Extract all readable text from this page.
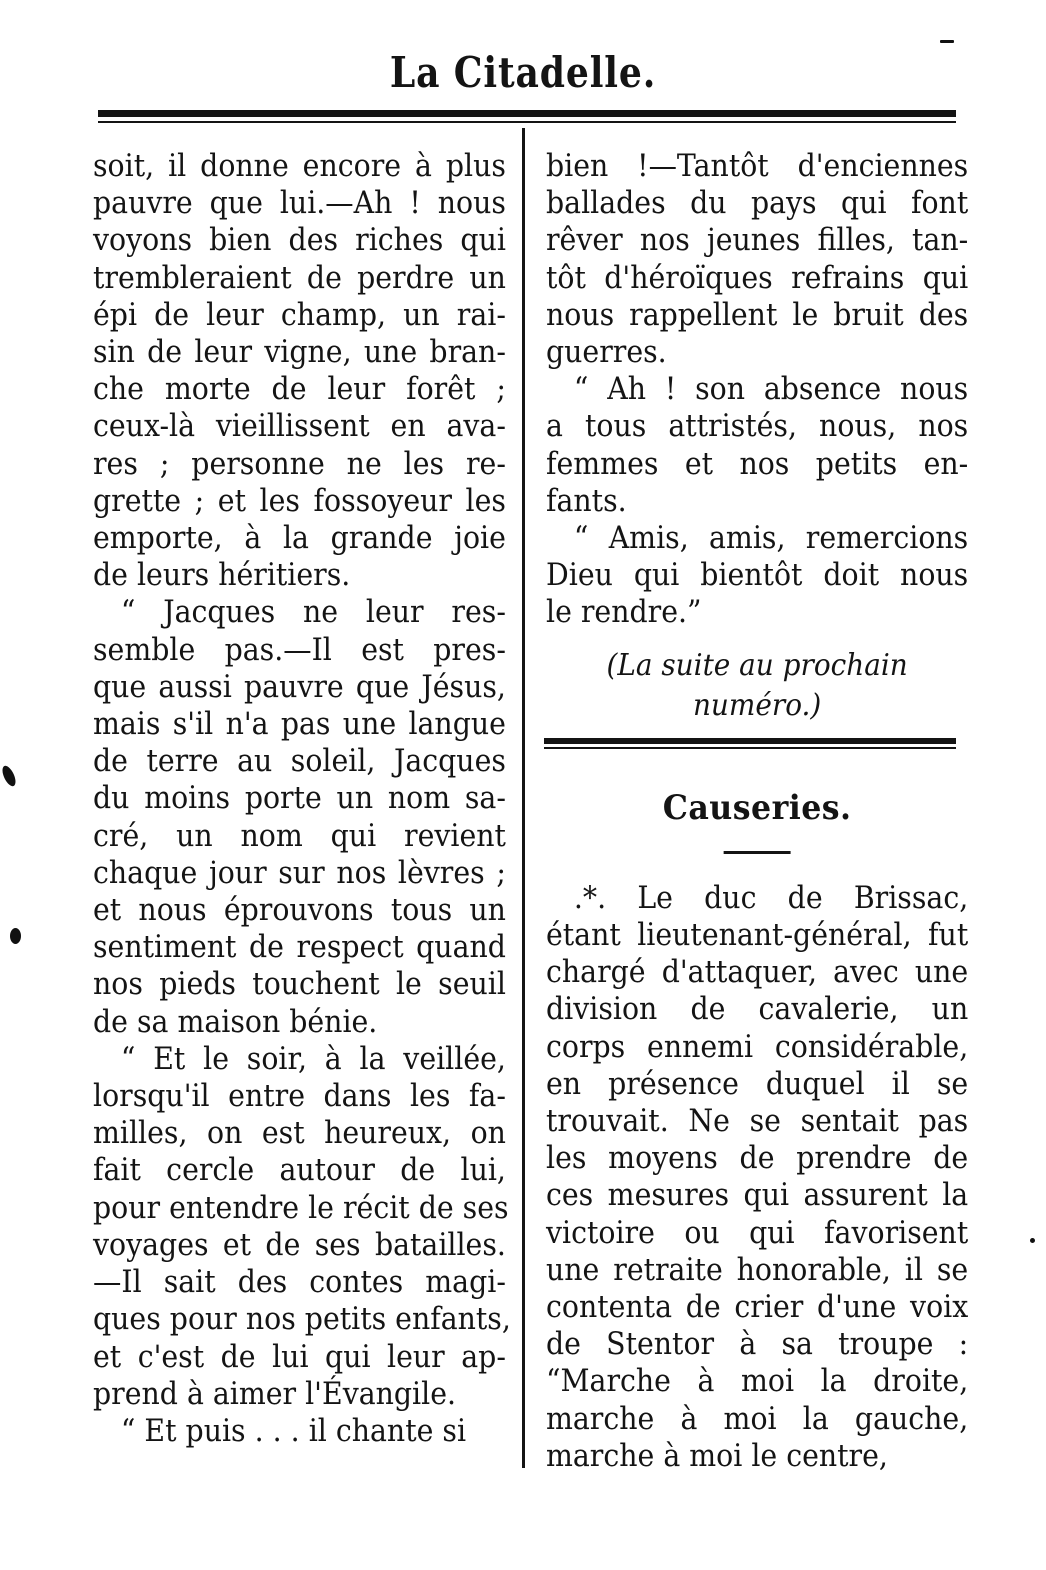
La Citadelle.

soit, il donne encore à plus
pauvre que lui.—Ah ! nous
voyons bien des riches qui
trembleraient de perdre un
épi de leur champ, un rai-
sin de leur vigne, une bran-
che morte de leur forêt ;
ceux-là vieillissent en ava-
res ; personne ne les re-
grette ; et les fossoyeur les
emporte, à la grande joie
de leurs héritiers.

“ Jacques ne leur res-
semble pas.—Il est pres-
que aussi pauvre que Jésus,
mais s'il n'a pas une langue
de terre au soleil, Jacques
du moins porte un nom sa-
cré, un nom qui revient
chaque jour sur nos lèvres ;
et nous éprouvons tous un
sentiment de respect quand
nos pieds touchent le seuil
de sa maison bénie.

“ Et le soir, à la veillée,
lorsqu'il entre dans les fa-
milles, on est heureux, on
fait cercle autour de lui,
pour entendre le récit de ses
voyages et de ses batailles.
—Il sait des contes magi-
ques pour nos petits enfants,
et c'est de lui qui leur ap-
prend à aimer l'Évangile.

“ Et puis . . . il chante si

bien !—Tantôt d'enciennes
ballades du pays qui font
rêver nos jeunes filles, tan-
tôt d'héroïques refrains qui
nous rappellent le bruit des
guerres.

“ Ah ! son absence nous
a tous attristés, nous, nos
femmes et nos petits en-
fants.

“ Amis, amis, remercions
Dieu qui bientôt doit nous
le rendre.”

(La suite au prochain
numéro.)
Causeries.

.*. Le duc de Brissac,
étant lieutenant-général, fut
chargé d'attaquer, avec une
division de cavalerie, un
corps ennemi considérable,
en présence duquel il se
trouvait. Ne se sentait pas
les moyens de prendre de
ces mesures qui assurent la
victoire ou qui favorisent
une retraite honorable, il se
contenta de crier d'une voix
de Stentor à sa troupe :
“Marche à moi la droite,
marche à moi la gauche,
marche à moi le centre,
